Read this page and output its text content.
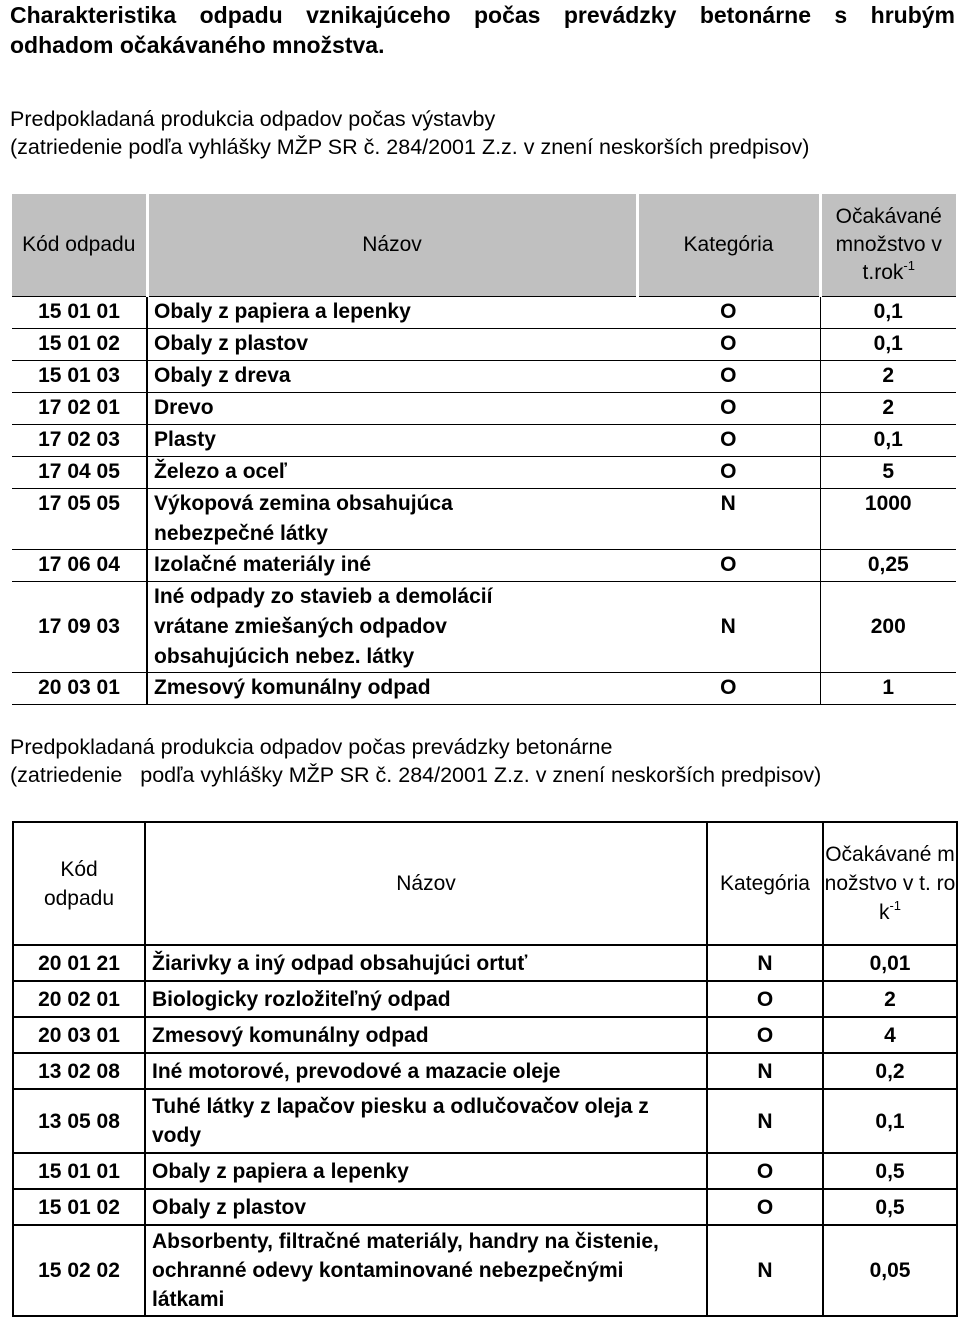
Charakteristika odpadu vznikajúceho počas prevádzky betonárne s hrubým
odhadom očakávaného množstva.
Predpokladaná produkcia odpadov počas výstavby
(zatriedenie podľa vyhlášky MŽP SR č. 284/2001 Z.z. v znení neskorších predpisov)
Kód odpadu	Názov	Kategória	Očakávané množstvo v t.rok$^{-1}$
15 01 01	Obaly z papiera a lepenky	O	0,1
15 01 02	Obaly z plastov	O	0,1
15 01 03	Obaly z dreva	O	2
17 02 01	Drevo	O	2
17 02 03	Plasty	O	0,1
17 04 05	Železo a oceľ	O	5
17 05 05	Výkopová zemina obsahujúca nebezpečné látky	N	1000
17 06 04	Izolačné materiály iné	O	0,25
17 09 03	Iné odpady zo stavieb a demolácií vrátane zmiešaných odpadov obsahujúcich nebez. látky	N	200
20 03 01	Zmesový komunálny odpad	O	1
Predpokladaná produkcia odpadov počas prevádzky betonárne
(zatriedenie   podľa vyhlášky MŽP SR č. 284/2001 Z.z. v znení neskorších predpisov)
Kód odpadu	Názov	Kategória	Očakávané množstvo v t. rok$^{-1}$
20 01 21	Žiarivky a iný odpad obsahujúci ortuť	N	0,01
20 02 01	Biologicky rozložiteľný odpad	O	2
20 03 01	Zmesový komunálny odpad	O	4
13 02 08	Iné motorové, prevodové a mazacie oleje	N	0,2
13 05 08	Tuhé látky z lapačov piesku a odlučovačov oleja z vody	N	0,1
15 01 01	Obaly z papiera a lepenky	O	0,5
15 01 02	Obaly z plastov	O	0,5
15 02 02	Absorbenty, filtračné materiály, handry na čistenie, ochranné odevy kontaminované nebezpečnými látkami	N	0,05
